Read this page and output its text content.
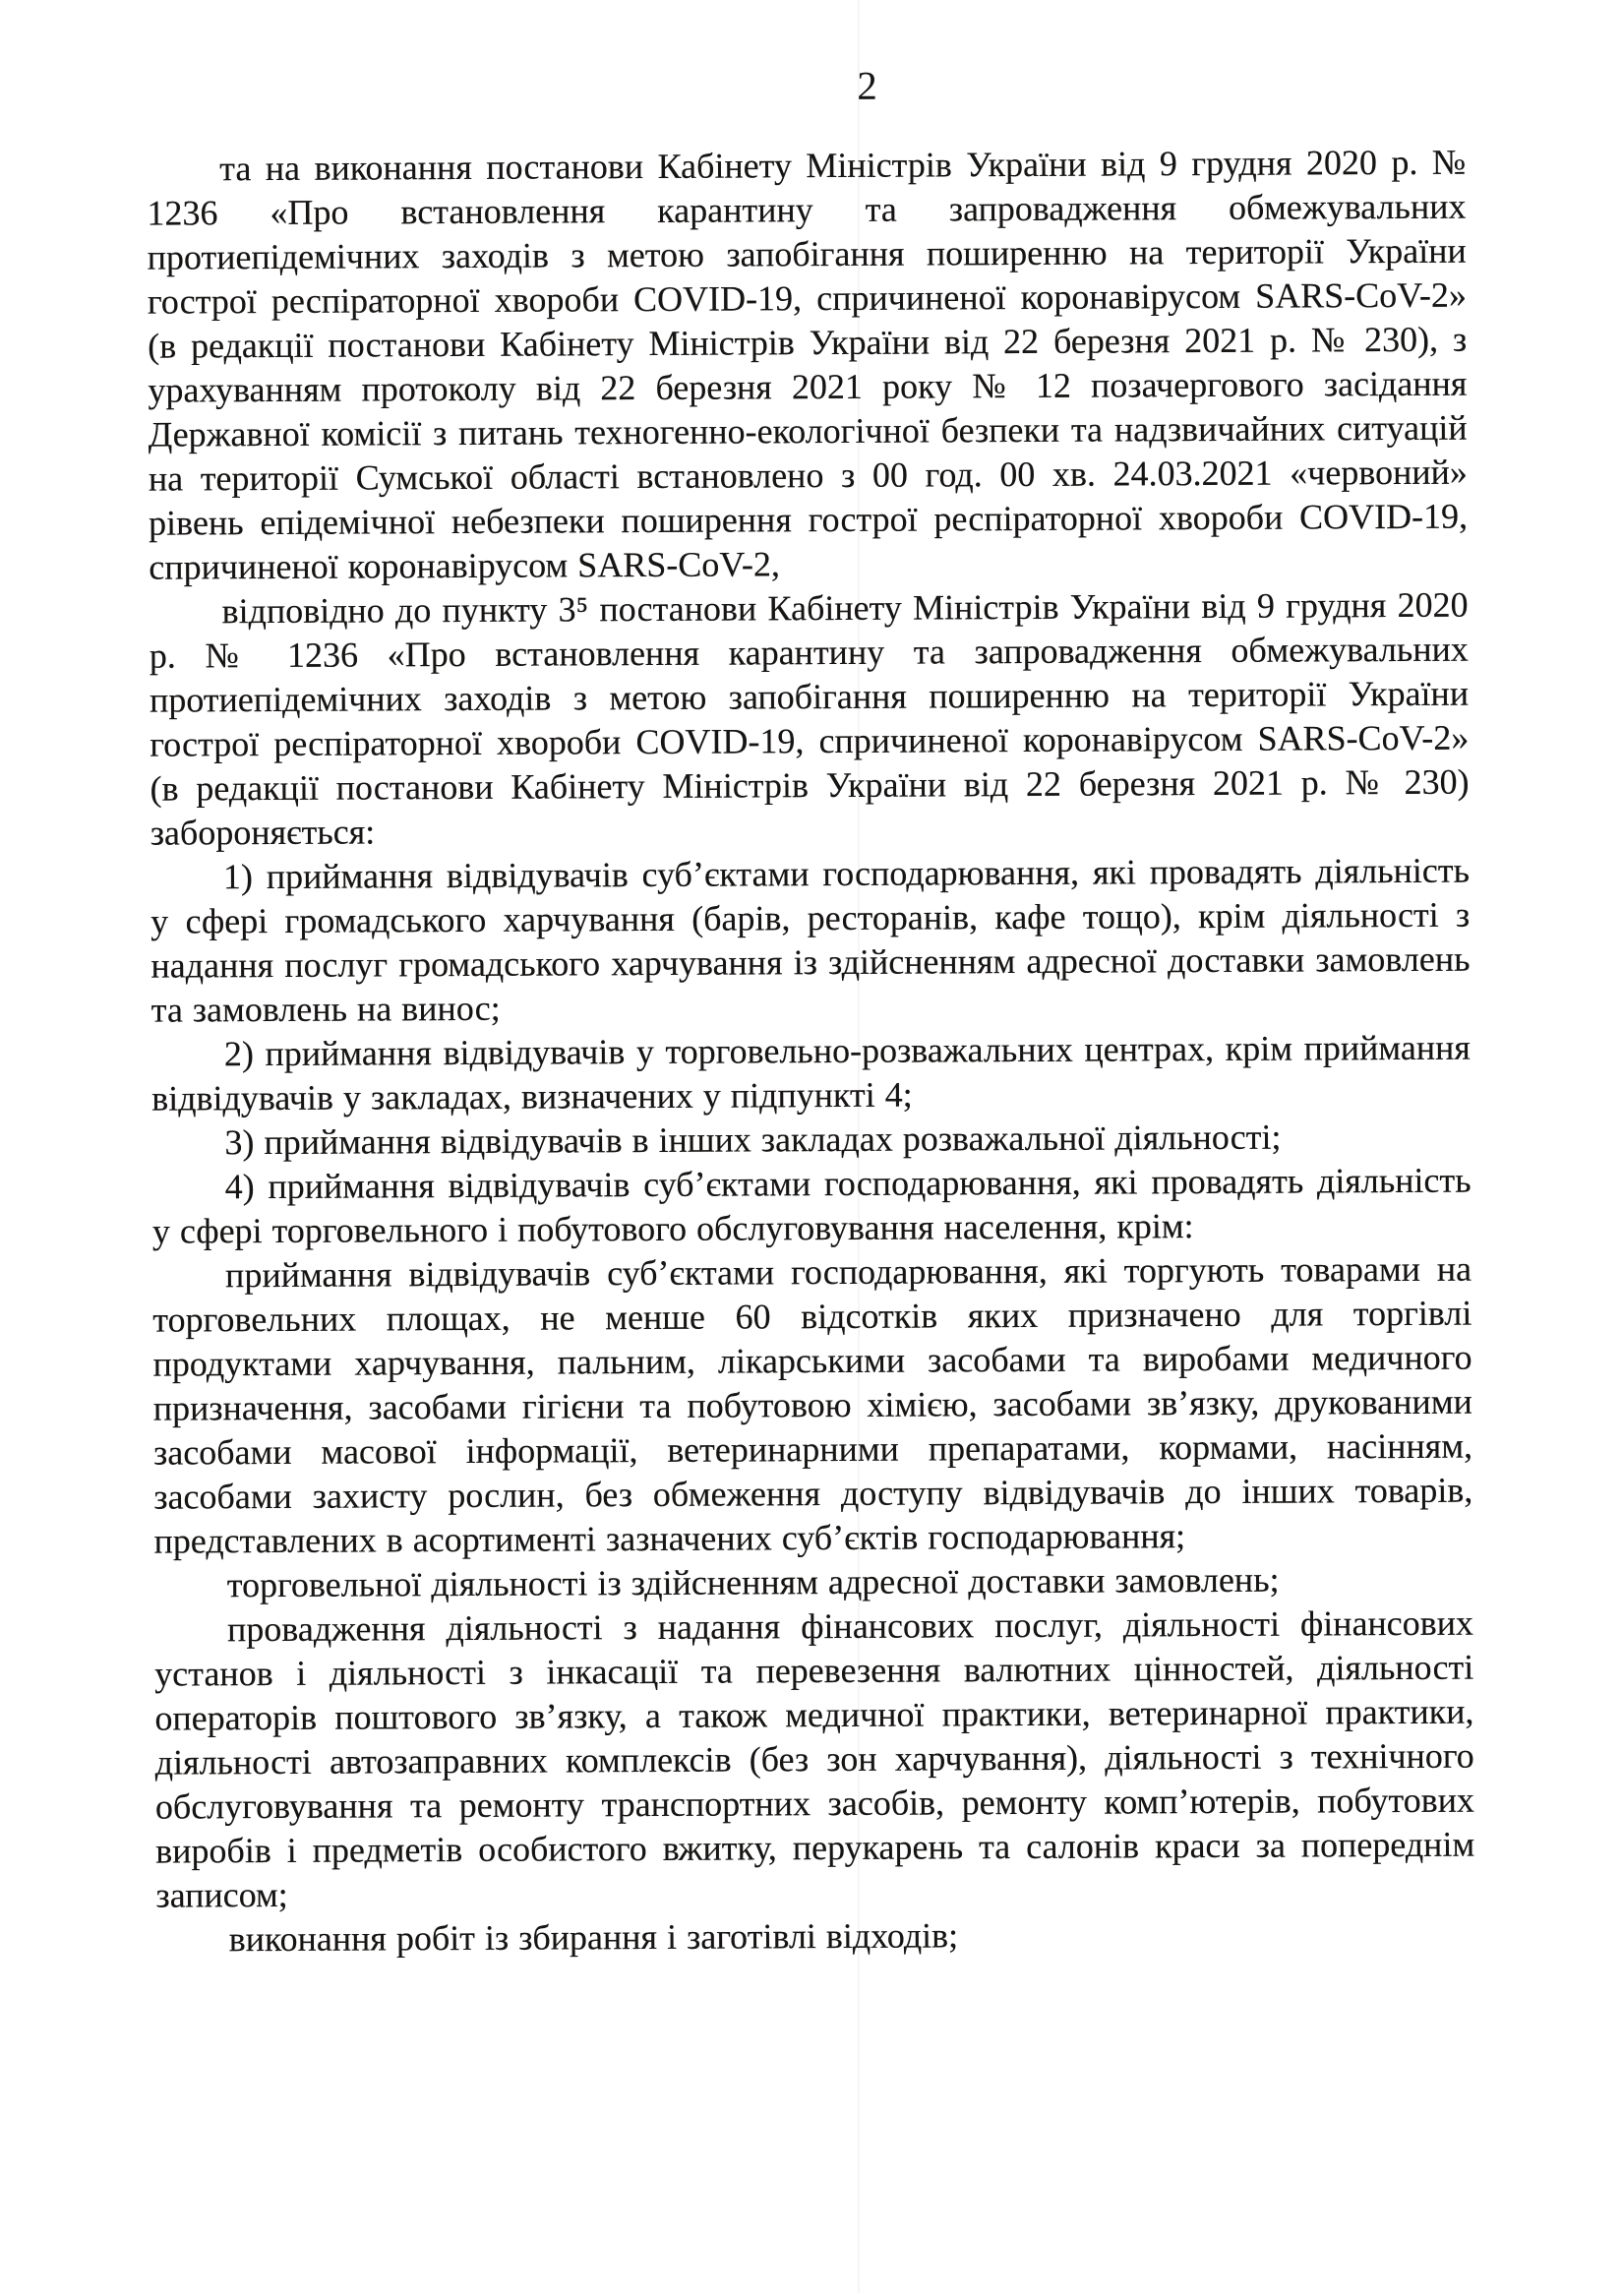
2

та на виконання постанови Кабінету Міністрів України від 9 грудня 2020 р. № 1236 «Про встановлення карантину та запровадження обмежувальних протиепідемічних заходів з метою запобігання поширенню на території України гострої респіраторної хвороби COVID-19, спричиненої коронавірусом SARS-CoV-2» (в редакції постанови Кабінету Міністрів України від 22 березня 2021 р. № 230), з урахуванням протоколу від 22 березня 2021 року № 12 позачергового засідання Державної комісії з питань техногенно-екологічної безпеки та надзвичайних ситуацій на території Сумської області встановлено з 00 год. 00 хв. 24.03.2021 «червоний» рівень епідемічної небезпеки поширення гострої респіраторної хвороби COVID-19, спричиненої коронавірусом SARS-CoV-2,

відповідно до пункту 3⁵ постанови Кабінету Міністрів України від 9 грудня 2020 р. № 1236 «Про встановлення карантину та запровадження обмежувальних протиепідемічних заходів з метою запобігання поширенню на території України гострої респіраторної хвороби COVID-19, спричиненої коронавірусом SARS-CoV-2» (в редакції постанови Кабінету Міністрів України від 22 березня 2021 р. № 230) забороняється:

1) приймання відвідувачів суб’єктами господарювання, які провадять діяльність у сфері громадського харчування (барів, ресторанів, кафе тощо), крім діяльності з надання послуг громадського харчування із здійсненням адресної доставки замовлень та замовлень на винос;

2) приймання відвідувачів у торговельно-розважальних центрах, крім приймання відвідувачів у закладах, визначених у підпункті 4;

3) приймання відвідувачів в інших закладах розважальної діяльності;

4) приймання відвідувачів суб’єктами господарювання, які провадять діяльність у сфері торговельного і побутового обслуговування населення, крім:

приймання відвідувачів суб’єктами господарювання, які торгують товарами на торговельних площах, не менше 60 відсотків яких призначено для торгівлі продуктами харчування, пальним, лікарськими засобами та виробами медичного призначення, засобами гігієни та побутовою хімією, засобами зв’язку, друкованими засобами масової інформації, ветеринарними препаратами, кормами, насінням, засобами захисту рослин, без обмеження доступу відвідувачів до інших товарів, представлених в асортименті зазначених суб’єктів господарювання;

торговельної діяльності із здійсненням адресної доставки замовлень;

провадження діяльності з надання фінансових послуг, діяльності фінансових установ і діяльності з інкасації та перевезення валютних цінностей, діяльності операторів поштового зв’язку, а також медичної практики, ветеринарної практики, діяльності автозаправних комплексів (без зон харчування), діяльності з технічного обслуговування та ремонту транспортних засобів, ремонту комп’ютерів, побутових виробів і предметів особистого вжитку, перукарень та салонів краси за попереднім записом;

виконання робіт із збирання і заготівлі відходів;
